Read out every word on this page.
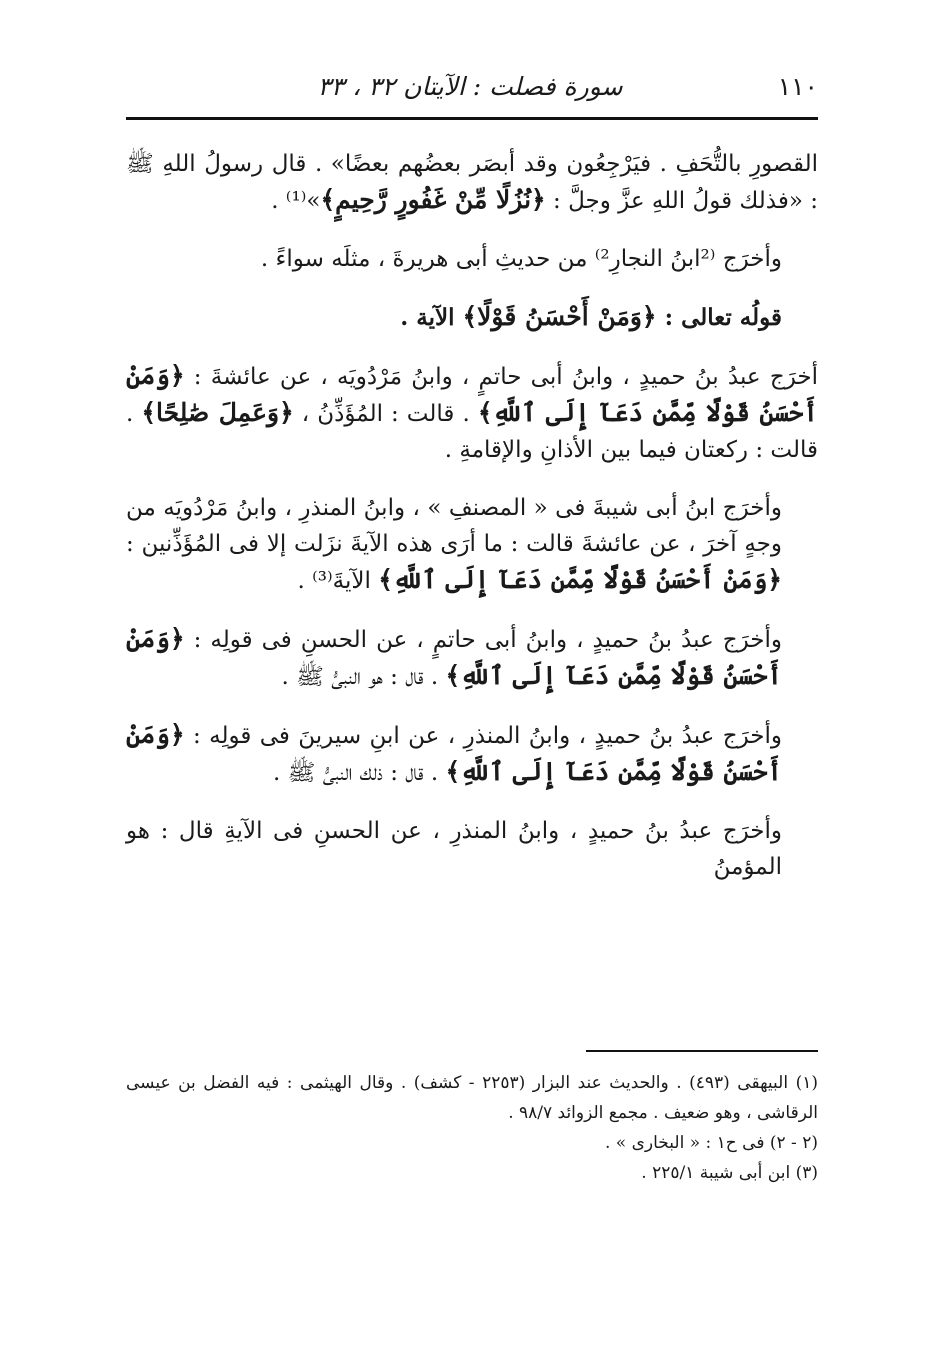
١١٠
سورة فصلت : الآيتان ٣٢ ، ٣٣

القصورِ بالتُّحَفِ . فيَرْجِعُون وقد أبصَر بعضُهم بعضًا» . قال رسولُ اللهِ ﷺ : «فذلك قولُ اللهِ عزَّ وجلَّ : ﴿نُزُلًا مِّنْ غَفُورٍ رَّحِيمٍ﴾»⁽¹⁾ .

وأخرَج ⁽²ابنُ النجارِ²⁾ من حديثِ أبى هريرةَ ، مثلَه سواءً .

قولُه تعالى : ﴿وَمَنْ أَحْسَنُ قَوْلًا﴾ الآية .

أخرَج عبدُ بنُ حميدٍ ، وابنُ أبى حاتمٍ ، وابنُ مَرْدُويَه ، عن عائشةَ : ﴿وَمَنْ أَحْسَنُ قَوْلًا مِّمَّن دَعَآ إِلَى ٱللَّهِ﴾ . قالت : المُؤَذِّنُ ، ﴿وَعَمِلَ صَٰلِحًا﴾ . قالت : ركعتان فيما بين الأذانِ والإقامةِ .

وأخرَج ابنُ أبى شيبةَ فى « المصنفِ » ، وابنُ المنذرِ ، وابنُ مَرْدُويَه من وجهٍ آخرَ ، عن عائشةَ قالت : ما أرَى هذه الآيةَ نزَلت إلا فى المُؤَذِّنين : ﴿وَمَنْ أَحْسَنُ قَوْلًا مِّمَّن دَعَآ إِلَى ٱللَّهِ﴾ الآيةَ⁽³⁾ .

وأخرَج عبدُ بنُ حميدٍ ، وابنُ أبى حاتمٍ ، عن الحسنِ فى قولِه : ﴿وَمَنْ أَحْسَنُ قَوْلًا مِّمَّن دَعَآ إِلَى ٱللَّهِ﴾ . قال : هو النبىُّ ﷺ .

وأخرَج عبدُ بنُ حميدٍ ، وابنُ المنذرِ ، عن ابنِ سيرينَ فى قولِه : ﴿وَمَنْ أَحْسَنُ قَوْلًا مِّمَّن دَعَآ إِلَى ٱللَّهِ﴾ . قال : ذلك النبىُّ ﷺ .

وأخرَج عبدُ بنُ حميدٍ ، وابنُ المنذرِ ، عن الحسنِ فى الآيةِ قال : هو المؤمنُ

(١) البيهقى (٤٩٣) . والحديث عند البزار (٢٢٥٣ - كشف) . وقال الهيثمى : فيه الفضل بن عيسى الرقاشى ، وهو ضعيف . مجمع الزوائد ٩٨/٧ .

(٢ - ٢) فى ح١ : « البخارى » .

(٣) ابن أبى شيبة ٢٢٥/١ .
